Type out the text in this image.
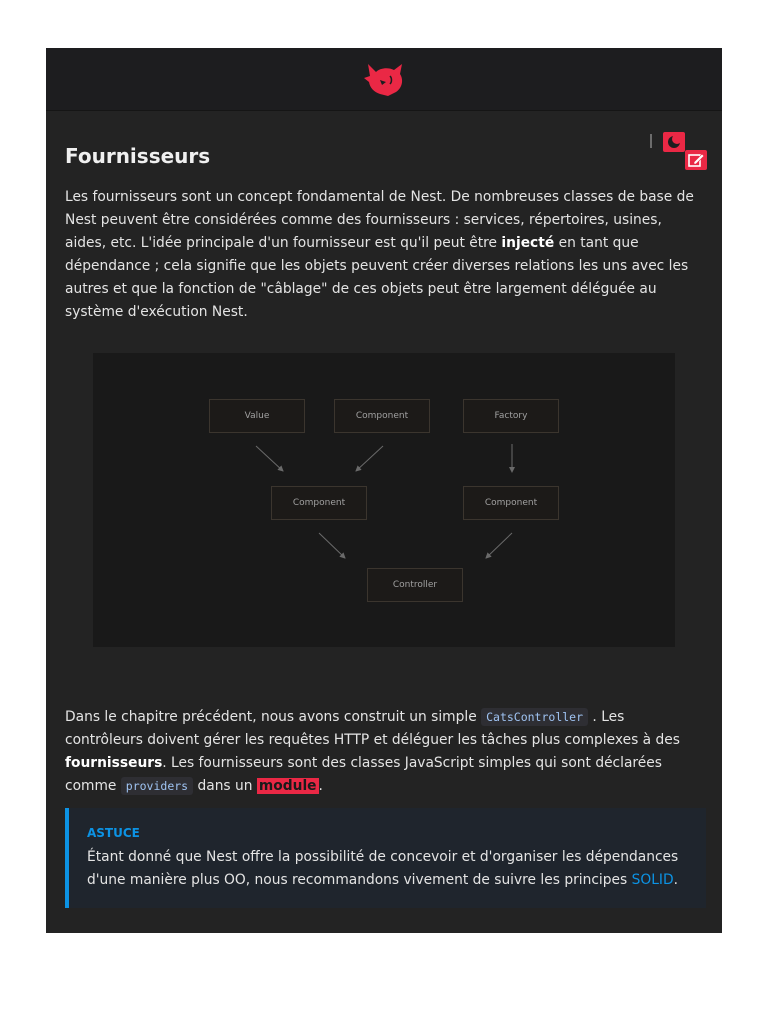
Fournisseurs

Les fournisseurs sont un concept fondamental de Nest. De nombreuses classes de base de Nest peuvent être considérées comme des fournisseurs : services, répertoires, usines, aides, etc. L'idée principale d'un fournisseur est qu'il peut être injecté en tant que dépendance ; cela signifie que les objets peuvent créer diverses relations les uns avec les autres et que la fonction de "câblage" de ces objets peut être largement déléguée au système d'exécution Nest.

Value	Component	Factory
Component	Component
Controller

Dans le chapitre précédent, nous avons construit un simple CatsController . Les contrôleurs doivent gérer les requêtes HTTP et déléguer les tâches plus complexes à des fournisseurs. Les fournisseurs sont des classes JavaScript simples qui sont déclarées comme providers dans un module .

ASTUCE

Étant donné que Nest offre la possibilité de concevoir et d'organiser les dépendances d'une manière plus OO, nous recommandons vivement de suivre les principes SOLID.
